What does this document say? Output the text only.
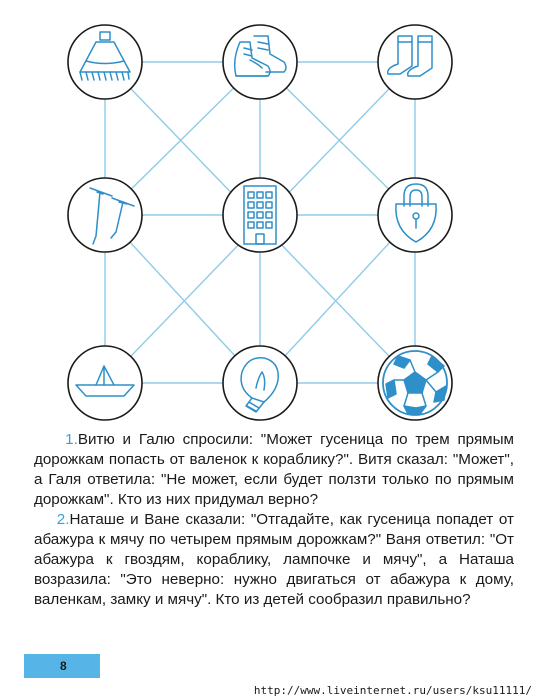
1.Витю и Галю спросили: "Может гусеница по трем прямым дорожкам попасть от валенок к кораблику?". Витя сказал: "Может", а Галя ответила: "Не может, если будет ползти только по прямым дорожкам". Кто из них придумал верно?

2.Наташе и Ване сказали: "Отгадайте, как гусеница попадет от абажура к мячу по четырем прямым дорожкам?" Ваня ответил: "От абажура к гвоздям, кораблику, лампочке и мячу", а Наташа возразила: "Это неверно: нужно двигаться от абажура к дому, валенкам, замку и мячу". Кто из детей сообразил правильно?

8
http://www.liveinternet.ru/users/ksu11111/
